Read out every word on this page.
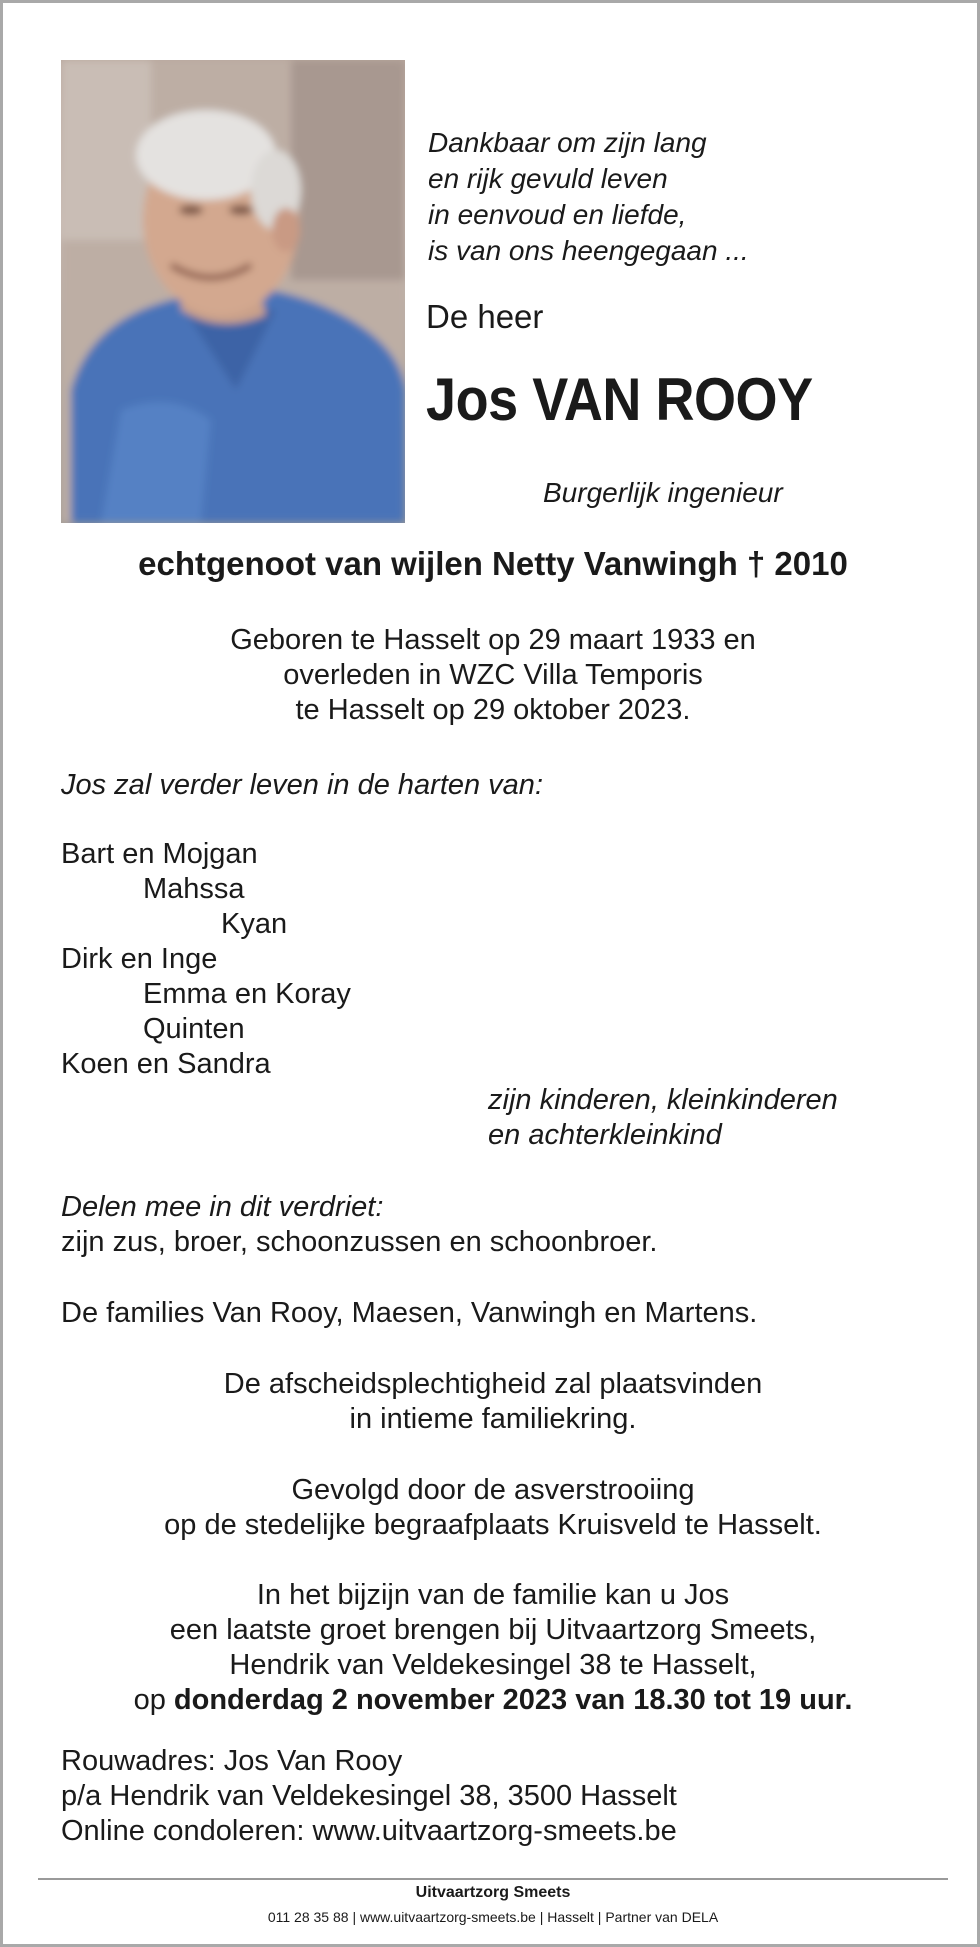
Dankbaar om zijn lang
en rijk gevuld leven
in eenvoud en liefde,
is van ons heengegaan ...
De heer
Jos VAN ROOY
Burgerlijk ingenieur
echtgenoot van wijlen Netty Vanwingh † 2010
Geboren te Hasselt op 29 maart 1933 en
overleden in WZC Villa Temporis
te Hasselt op 29 oktober 2023.
Jos zal verder leven in de harten van:
Bart en Mojgan
Mahssa
Kyan
Dirk en Inge
Emma en Koray
Quinten
Koen en Sandra
zijn kinderen, kleinkinderen
en achterkleinkind
Delen mee in dit verdriet:
zijn zus, broer, schoonzussen en schoonbroer.
De families Van Rooy, Maesen, Vanwingh en Martens.
De afscheidsplechtigheid zal plaatsvinden
in intieme familiekring.
Gevolgd door de asverstrooiing
op de stedelijke begraafplaats Kruisveld te Hasselt.
In het bijzijn van de familie kan u Jos
een laatste groet brengen bij Uitvaartzorg Smeets,
Hendrik van Veldekesingel 38 te Hasselt,
op donderdag 2 november 2023 van 18.30 tot 19 uur.
Rouwadres: Jos Van Rooy
p/a Hendrik van Veldekesingel 38, 3500 Hasselt
Online condoleren: www.uitvaartzorg-smeets.be
Uitvaartzorg Smeets
011 28 35 88 | www.uitvaartzorg-smeets.be | Hasselt | Partner van DELA
